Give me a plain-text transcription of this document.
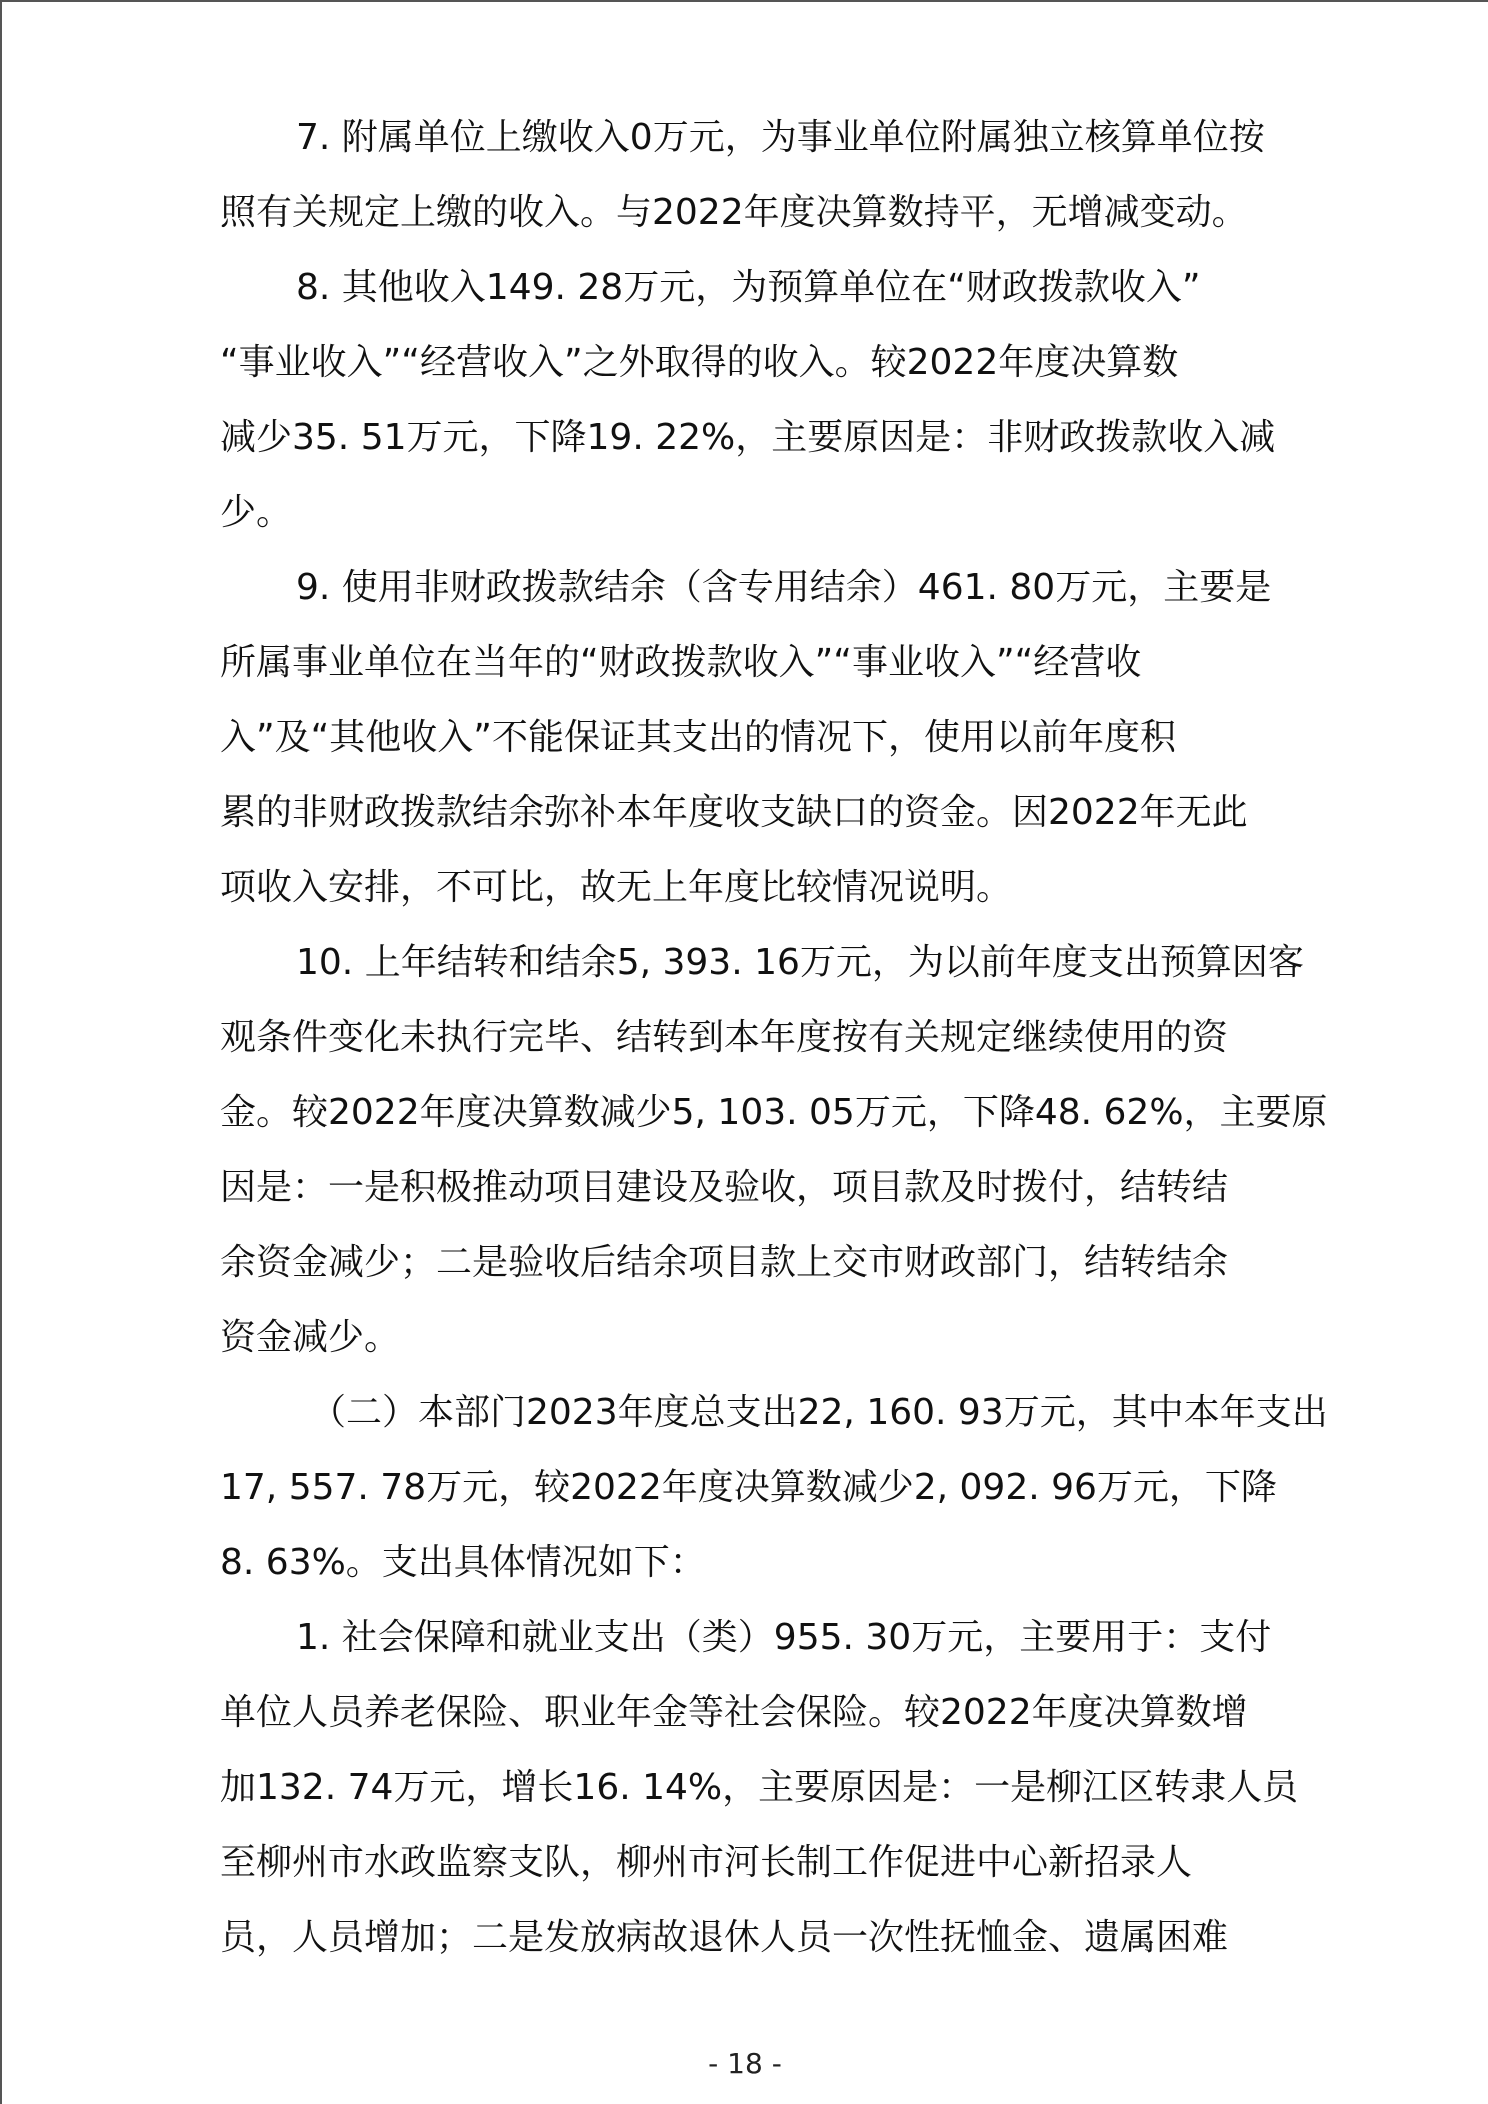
7. 附属单位上缴收入0万元，为事业单位附属独立核算单位按
照有关规定上缴的收入。与2022年度决算数持平，无增减变动。

8. 其他收入149. 28万元，为预算单位在“财政拨款收入”
“事业收入”“经营收入”之外取得的收入。较2022年度决算数
减少35. 51万元，下降19. 22%，主要原因是：非财政拨款收入减
少。

9. 使用非财政拨款结余（含专用结余）461. 80万元，主要是
所属事业单位在当年的“财政拨款收入”“事业收入”“经营收
入”及“其他收入”不能保证其支出的情况下，使用以前年度积
累的非财政拨款结余弥补本年度收支缺口的资金。因2022年无此
项收入安排，不可比，故无上年度比较情况说明。

10. 上年结转和结余5, 393. 16万元，为以前年度支出预算因客
观条件变化未执行完毕、结转到本年度按有关规定继续使用的资
金。较2022年度决算数减少5, 103. 05万元，下降48. 62%，主要原
因是：一是积极推动项目建设及验收，项目款及时拨付，结转结
余资金减少；二是验收后结余项目款上交市财政部门，结转结余
资金减少。

（二）本部门2023年度总支出22, 160. 93万元，其中本年支出
17, 557. 78万元，较2022年度决算数减少2, 092. 96万元，下降
8. 63%。支出具体情况如下：

1. 社会保障和就业支出（类）955. 30万元，主要用于：支付
单位人员养老保险、职业年金等社会保险。较2022年度决算数增
加132. 74万元，增长16. 14%，主要原因是：一是柳江区转隶人员
至柳州市水政监察支队，柳州市河长制工作促进中心新招录人
员，人员增加；二是发放病故退休人员一次性抚恤金、遗属困难

- 18 -
